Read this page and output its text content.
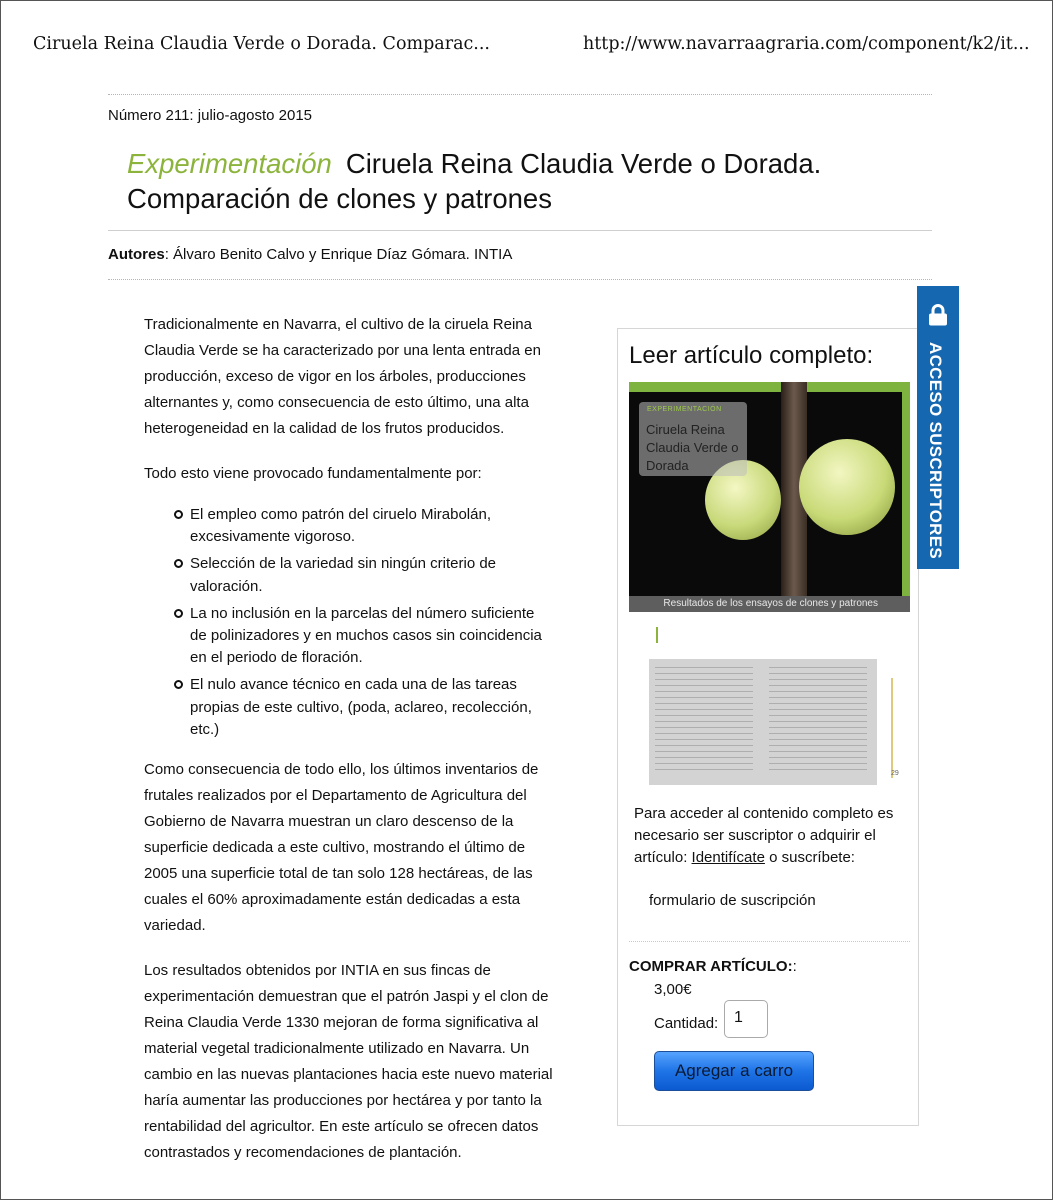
Ciruela Reina Claudia Verde o Dorada. Comparac...	http://www.navarraagraria.com/component/k2/it...
Número 211: julio-agosto 2015
Experimentación Ciruela Reina Claudia Verde o Dorada. Comparación de clones y patrones
Autores: Álvaro Benito Calvo y Enrique Díaz Gómara. INTIA

Tradicionalmente en Navarra, el cultivo de la ciruela Reina Claudia Verde se ha caracterizado por una lenta entrada en producción, exceso de vigor en los árboles, producciones alternantes y, como consecuencia de esto último, una alta heterogeneidad en la calidad de los frutos producidos.

Todo esto viene provocado fundamentalmente por:

El empleo como patrón del ciruelo Mirabolán, excesivamente vigoroso.
Selección de la variedad sin ningún criterio de valoración.
La no inclusión en la parcelas del número suficiente de polinizadores y en muchos casos sin coincidencia en el periodo de floración.
El nulo avance técnico en cada una de las tareas propias de este cultivo, (poda, aclareo, recolección, etc.)

Como consecuencia de todo ello, los últimos inventarios de frutales realizados por el Departamento de Agricultura del Gobierno de Navarra muestran un claro descenso de la superficie dedicada a este cultivo, mostrando el último de 2005 una superficie total de tan solo 128 hectáreas, de las cuales el 60% aproximadamente están dedicadas a esta variedad.

Los resultados obtenidos por INTIA en sus fincas de experimentación demuestran que el patrón Jaspi y el clon de Reina Claudia Verde 1330 mejoran de forma significativa al material vegetal tradicionalmente utilizado en Navarra. Un cambio en las nuevas plantaciones hacia este nuevo material haría aumentar las producciones por hectárea y por tanto la rentabilidad del agricultor. En este artículo se ofrecen datos contrastados y recomendaciones de plantación.

Leer artículo completo:
EXPERIMENTACIÓN
Ciruela Reina Claudia Verde o Dorada
Resultados de los ensayos de clones y patrones
29
Para acceder al contenido completo es necesario ser suscriptor o adquirir el artículo: Identifícate o suscríbete:
formulario de suscripción
COMPRAR ARTÍCULO::
3,00€
Cantidad: 1
Agregar a carro
ACCESO SUSCRIPTORES
